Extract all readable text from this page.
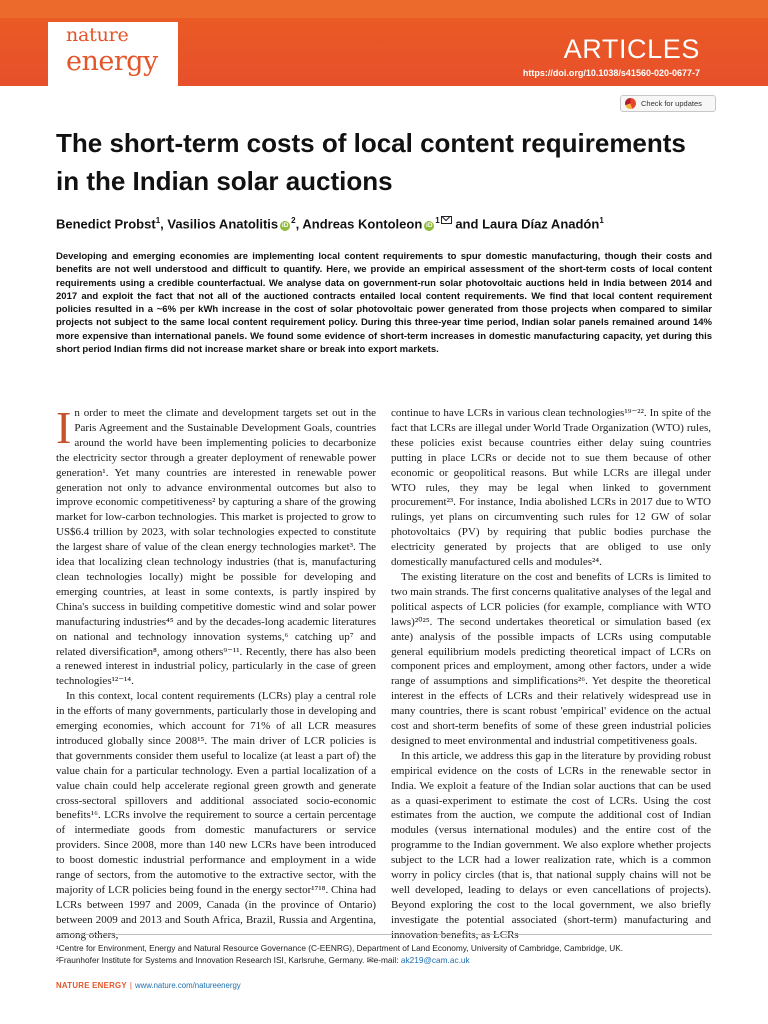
nature
energy	ARTICLES
https://doi.org/10.1038/s41560-020-0677-7
Check for updates
The short-term costs of local content requirements in the Indian solar auctions
Benedict Probst$^1$, Vasilios Anatolitis $iD^2$, Andreas Kontoleon $iD^1$ and Laura Díaz Anadón$^1$

Developing and emerging economies are implementing local content requirements to spur domestic manufacturing, though their costs and benefits are not well understood and difficult to quantify. Here, we provide an empirical assessment of the short-term costs of local content requirements using a credible counterfactual. We analyse data on government-run solar photovoltaic auctions held in India between 2014 and 2017 and exploit the fact that not all of the auctioned contracts entailed local content requirements. We find that local content requirement policies resulted in a ~6% per kWh increase in the cost of solar photovoltaic power generated from those projects when compared to similar projects not subject to the same local content requirement policy. During this three-year time period, Indian solar panels remained around 14% more expensive than international panels. We found some evidence of short-term increases in domestic manufacturing capacity, yet during this short period Indian firms did not increase market share or break into export markets.

In order to meet the climate and development targets set out in the Paris Agreement and the Sustainable Development Goals, countries around the world have been implementing policies to decarbonize the electricity sector through a greater deployment of renewable power generation¹. Yet many countries are interested in renewable power generation not only to advance environmental outcomes but also to improve economic competitiveness² by capturing a share of the growing market for low-carbon technologies. This market is projected to grow to US$6.4 trillion by 2023, with solar technologies expected to constitute the largest share of value of the clean energy technologies market³. The idea that localizing clean technology industries (that is, manufacturing clean technologies locally) might be possible for developing and emerging countries, at least in some contexts, is partly inspired by China's success in building competitive domestic wind and solar power manufacturing industries⁴⁵ and by the decades-long academic literatures on national and technology innovation systems,⁶ catching up⁷ and related diversification⁸, among others⁹⁻¹¹. Recently, there has also been a renewed interest in industrial policy, particularly in the case of green technologies¹²⁻¹⁴.

In this context, local content requirements (LCRs) play a central role in the efforts of many governments, particularly those in developing and emerging economies, which account for 71% of all LCR measures introduced globally since 2008¹⁵. The main driver of LCR policies is that governments consider them useful to localize (at least a part of) the value chain for a particular technology. Even a partial localization of a value chain could help accelerate regional green growth and generate cross-sectoral spillovers and additional associated socio-economic benefits¹⁶. LCRs involve the requirement to source a certain percentage of intermediate goods from domestic manufacturers or service providers. Since 2008, more than 140 new LCRs have been introduced to boost domestic industrial performance and employment in a wide range of sectors, from the automotive to the extractive sector, with the majority of LCR policies being found in the energy sector¹⁷¹⁸. China had LCRs between 1997 and 2009, Canada (in the province of Ontario) between 2009 and 2013 and South Africa, Brazil, Russia and Argentina, among others,

continue to have LCRs in various clean technologies¹⁹⁻²². In spite of the fact that LCRs are illegal under World Trade Organization (WTO) rules, these policies exist because countries either delay suing countries putting in place LCRs or decide not to sue them because of other economic or geopolitical reasons. But while LCRs are illegal under WTO rules, they may be legal when linked to government procurement²³. For instance, India abolished LCRs in 2017 due to WTO rulings, yet plans on circumventing such rules for 12 GW of solar photovoltaics (PV) by requiring that public bodies purchase the electricity generated by projects that are obliged to use only domestically manufactured cells and modules²⁴.

The existing literature on the cost and benefits of LCRs is limited to two main strands. The first concerns qualitative analyses of the legal and political aspects of LCR policies (for example, compliance with WTO laws)²⁰²⁵. The second undertakes theoretical or simulation based (ex ante) analysis of the possible impacts of LCRs using computable general equilibrium models predicting theoretical impact of LCRs on component prices and employment, among other factors, under a wide range of assumptions and simplifications²⁶. Yet despite the theoretical interest in the effects of LCRs and their relatively widespread use in many countries, there is scant robust 'empirical' evidence on the actual cost and short-term benefits of some of these green industrial policies designed to meet environmental and industrial competitiveness goals.

In this article, we address this gap in the literature by providing robust empirical evidence on the costs of LCRs in the renewable sector in India. We exploit a feature of the Indian solar auctions that can be used as a quasi-experiment to estimate the cost of LCRs. Using the cost estimates from the auction, we compute the additional cost of Indian modules (versus international modules) and the entire cost of the programme to the Indian government. We also explore whether projects subject to the LCR had a lower realization rate, which is a common worry in policy circles (that is, that national supply chains will not be well developed, leading to delays or even cancellations of projects). Beyond exploring the cost to the local government, we also briefly investigate the potential associated (short-term) manufacturing and innovation benefits, as LCRs

¹Centre for Environment, Energy and Natural Resource Governance (C-EENRG), Department of Land Economy, University of Cambridge, Cambridge, UK.
²Fraunhofer Institute for Systems and Innovation Research ISI, Karlsruhe, Germany. ✉e-mail: ak219@cam.ac.uk
NATURE ENERGY | www.nature.com/natureenergy
